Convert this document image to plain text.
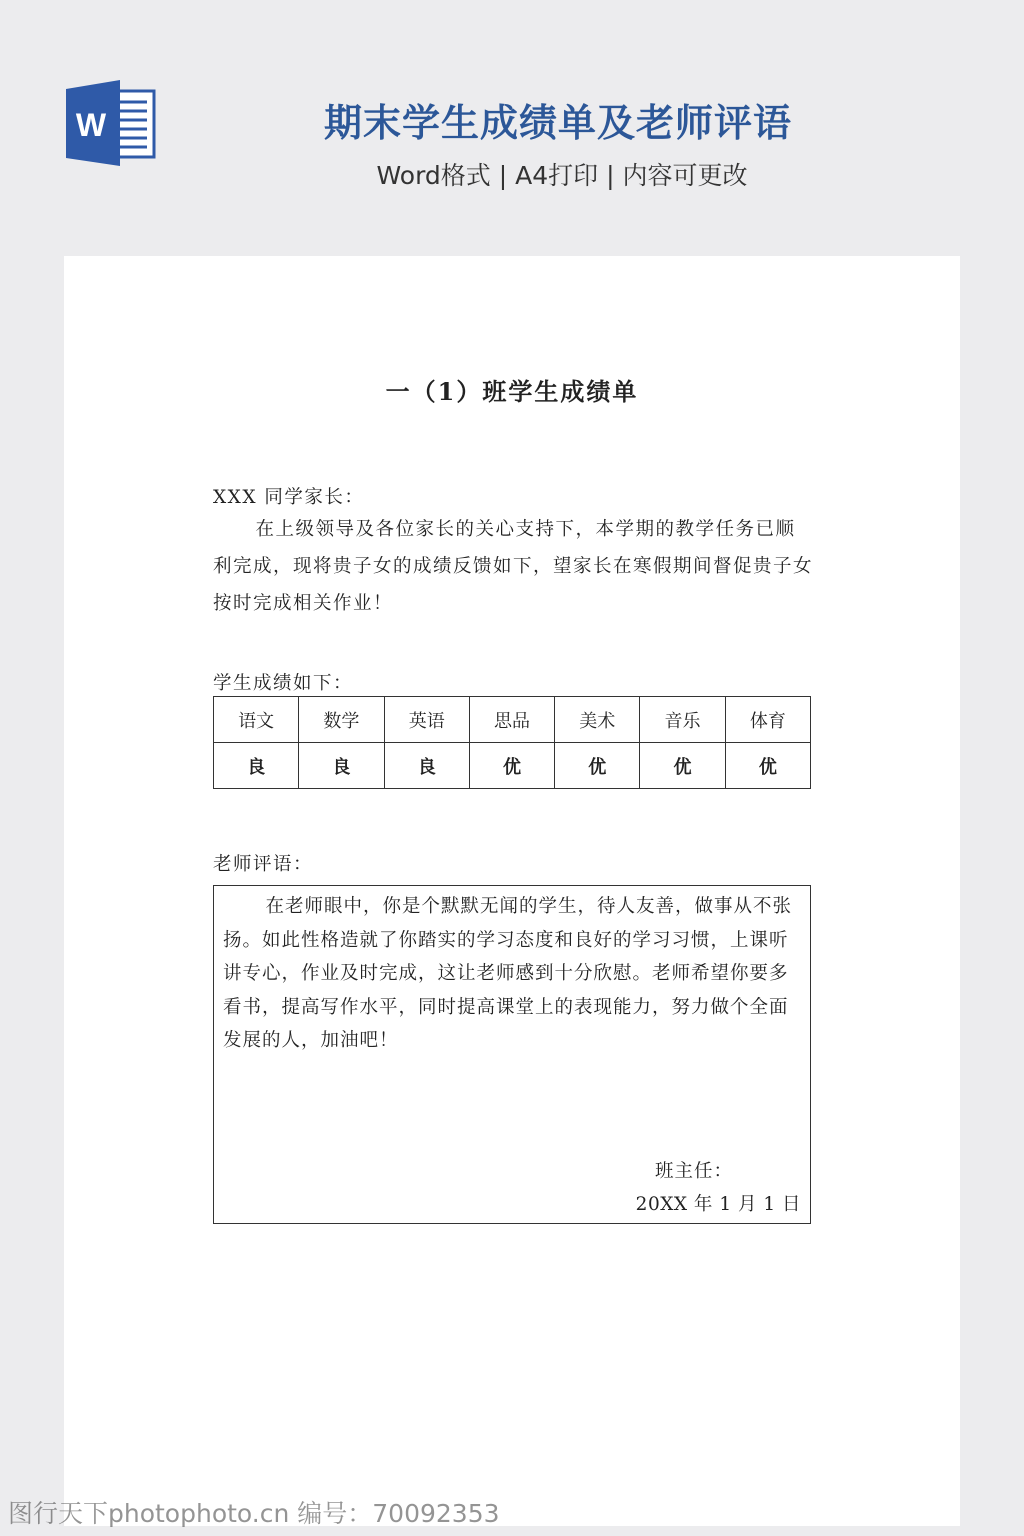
W	期末学生成绩单及老师评语
Word格式 | A4打印 | 内容可更改
一（1）班学生成绩单
XXX 同学家长：
在上级领导及各位家长的关心支持下，本学期的教学任务已顺利完成，现将贵子女的成绩反馈如下，望家长在寒假期间督促贵子女按时完成相关作业！
学生成绩如下：
语文	数学	英语	思品	美术	音乐	体育
良	良	良	优	优	优	优
老师评语：
在老师眼中，你是个默默无闻的学生，待人友善，做事从不张扬。如此性格造就了你踏实的学习态度和良好的学习习惯，上课听讲专心，作业及时完成，这让老师感到十分欣慰。老师希望你要多看书，提高写作水平，同时提高课堂上的表现能力，努力做个全面发展的人，加油吧！
班主任：
20XX 年 1 月 1 日
图行天下photophoto.cn 编号：70092353
